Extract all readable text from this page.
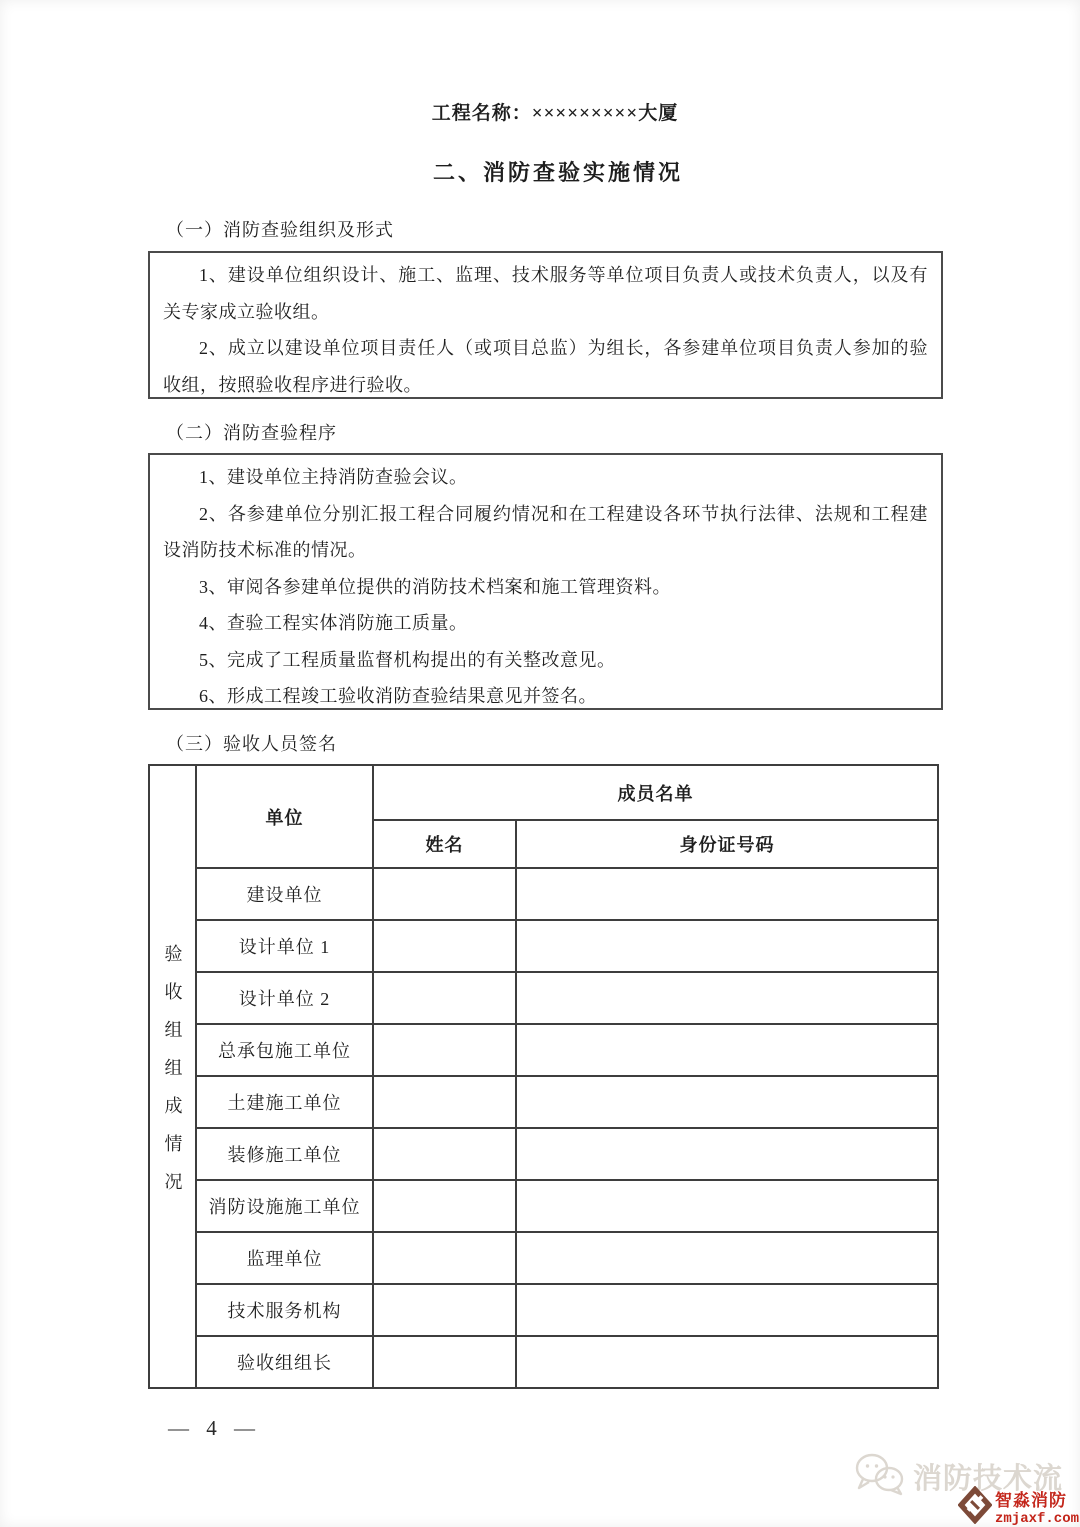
工程名称：×××××××××大厦
二、消防查验实施情况
（一）消防查验组织及形式

1、建设单位组织设计、施工、监理、技术服务等单位项目负责人或技术负责人，以及有关专家成立验收组。

2、成立以建设单位项目责任人（或项目总监）为组长，各参建单位项目负责人参加的验收组，按照验收程序进行验收。

（二）消防查验程序

1、建设单位主持消防查验会议。

2、各参建单位分别汇报工程合同履约情况和在工程建设各环节执行法律、法规和工程建设消防技术标准的情况。

3、审阅各参建单位提供的消防技术档案和施工管理资料。

4、查验工程实体消防施工质量。

5、完成了工程质量监督机构提出的有关整改意见。

6、形成工程竣工验收消防查验结果意见并签名。

（三）验收人员签名
验收组组成情况	单位	成员名单	
		姓名	身份证号码
	建设单位		
	设计单位 1		
	设计单位 2		
	总承包施工单位		
	土建施工单位		
	装修施工单位		
	消防设施施工单位		
	监理单位		
	技术服务机构		
	验收组组长		
— 4 —
消防技术流
智淼消防
zmjaxf.com
